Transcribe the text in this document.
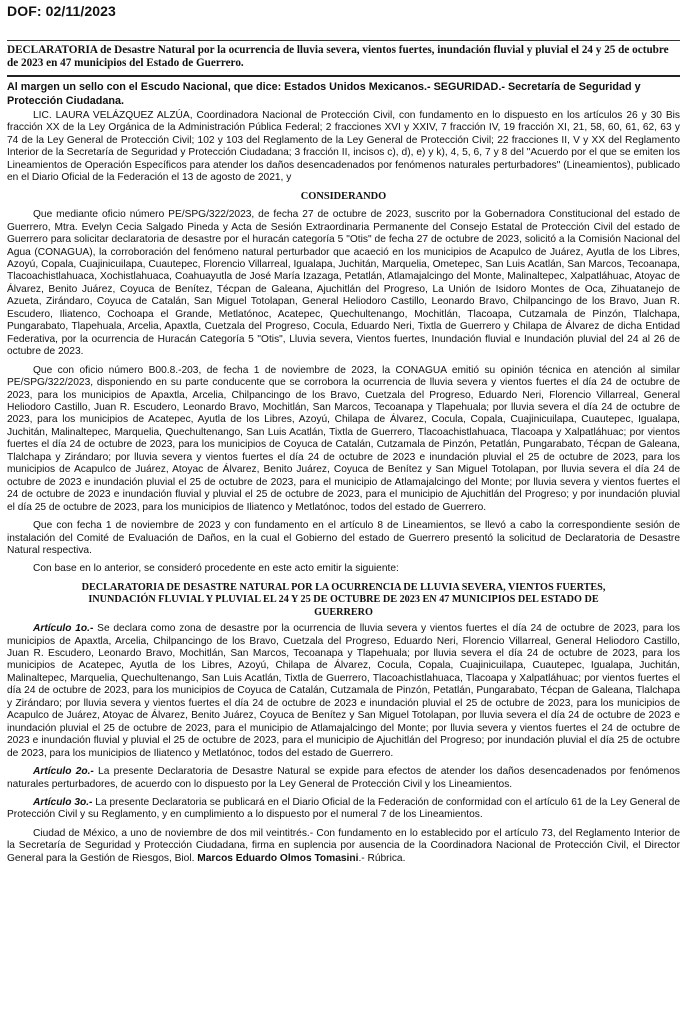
DOF: 02/11/2023
DECLARATORIA de Desastre Natural por la ocurrencia de lluvia severa, vientos fuertes, inundación fluvial y pluvial el 24 y 25 de octubre de 2023 en 47 municipios del Estado de Guerrero.
Al margen un sello con el Escudo Nacional, que dice: Estados Unidos Mexicanos.- SEGURIDAD.- Secretaría de Seguridad y Protección Ciudadana.

LIC. LAURA VELÁZQUEZ ALZÚA, Coordinadora Nacional de Protección Civil, con fundamento en lo dispuesto en los artículos 26 y 30 Bis fracción XX de la Ley Orgánica de la Administración Pública Federal; 2 fracciones XVI y XXIV, 7 fracción IV, 19 fracción XI, 21, 58, 60, 61, 62, 63 y 74 de la Ley General de Protección Civil; 102 y 103 del Reglamento de la Ley General de Protección Civil; 22 fracciones II, V y XX del Reglamento Interior de la Secretaría de Seguridad y Protección Ciudadana; 3 fracción II, incisos c), d), e) y k), 4, 5, 6, 7 y 8 del "Acuerdo por el que se emiten los Lineamientos de Operación Específicos para atender los daños desencadenados por fenómenos naturales perturbadores" (Lineamientos), publicado en el Diario Oficial de la Federación el 13 de agosto de 2021, y

CONSIDERANDO

Que mediante oficio número PE/SPG/322/2023, de fecha 27 de octubre de 2023, suscrito por la Gobernadora Constitucional del estado de Guerrero, Mtra. Evelyn Cecia Salgado Pineda y Acta de Sesión Extraordinaria Permanente del Consejo Estatal de Protección Civil del estado de Guerrero para solicitar declaratoria de desastre por el huracán categoría 5 "Otis" de fecha 27 de octubre de 2023, solicitó a la Comisión Nacional del Agua (CONAGUA), la corroboración del fenómeno natural perturbador que acaeció en los municipios de Acapulco de Juárez, Ayutla de los Libres, Azoyú, Copala, Cuajinicuilapa, Cuautepec, Florencio Villarreal, Igualapa, Juchitán, Marquelia, Ometepec, San Luis Acatlán, San Marcos, Tecoanapa, Tlacoachistlahuaca, Xochistlahuaca, Coahuayutla de José María Izazaga, Petatlán, Atlamajalcingo del Monte, Malinaltepec, Xalpatláhuac, Atoyac de Álvarez, Benito Juárez, Coyuca de Benítez, Técpan de Galeana, Ajuchitlán del Progreso, La Unión de Isidoro Montes de Oca, Zihuatanejo de Azueta, Zirándaro, Coyuca de Catalán, San Miguel Totolapan, General Heliodoro Castillo, Leonardo Bravo, Chilpancingo de los Bravo, Juan R. Escudero, Iliatenco, Cochoapa el Grande, Metlatónoc, Acatepec, Quechultenango, Mochitlán, Tlacoapa, Cutzamala de Pinzón, Tlalchapa, Pungarabato, Tlapehuala, Arcelia, Apaxtla, Cuetzala del Progreso, Cocula, Eduardo Neri, Tixtla de Guerrero y Chilapa de Álvarez de dicha Entidad Federativa, por la ocurrencia de Huracán Categoría 5 "Otis", Lluvia severa, Vientos fuertes, Inundación fluvial e Inundación pluvial del 24 al 26 de octubre de 2023.

Que con oficio número B00.8.-203, de fecha 1 de noviembre de 2023, la CONAGUA emitió su opinión técnica en atención al similar PE/SPG/322/2023, disponiendo en su parte conducente que se corrobora la ocurrencia de lluvia severa y vientos fuertes el día 24 de octubre de 2023, para los municipios de Apaxtla, Arcelia, Chilpancingo de los Bravo, Cuetzala del Progreso, Eduardo Neri, Florencio Villarreal, General Heliodoro Castillo, Juan R. Escudero, Leonardo Bravo, Mochitlán, San Marcos, Tecoanapa y Tlapehuala; por lluvia severa el día 24 de octubre de 2023, para los municipios de Acatepec, Ayutla de los Libres, Azoyú, Chilapa de Álvarez, Cocula, Copala, Cuajinicuilapa, Cuautepec, Igualapa, Juchitán, Malinaltepec, Marquelia, Quechultenango, San Luis Acatlán, Tixtla de Guerrero, Tlacoachistlahuaca, Tlacoapa y Xalpatláhuac; por vientos fuertes el día 24 de octubre de 2023, para los municipios de Coyuca de Catalán, Cutzamala de Pinzón, Petatlán, Pungarabato, Técpan de Galeana, Tlalchapa y Zirándaro; por lluvia severa y vientos fuertes el día 24 de octubre de 2023 e inundación pluvial el 25 de octubre de 2023, para los municipios de Acapulco de Juárez, Atoyac de Álvarez, Benito Juárez, Coyuca de Benítez y San Miguel Totolapan, por lluvia severa el día 24 de octubre de 2023 e inundación pluvial el 25 de octubre de 2023, para el municipio de Atlamajalcingo del Monte; por lluvia severa y vientos fuertes el 24 de octubre de 2023 e inundación fluvial y pluvial el 25 de octubre de 2023, para el municipio de Ajuchitlán del Progreso; y por inundación pluvial el día 25 de octubre de 2023, para los municipios de Iliatenco y Metlatónoc, todos del estado de Guerrero.

Que con fecha 1 de noviembre de 2023 y con fundamento en el artículo 8 de Lineamientos, se llevó a cabo la correspondiente sesión de instalación del Comité de Evaluación de Daños, en la cual el Gobierno del estado de Guerrero presentó la solicitud de Declaratoria de Desastre Natural respectiva.

Con base en lo anterior, se consideró procedente en este acto emitir la siguiente:

DECLARATORIA DE DESASTRE NATURAL POR LA OCURRENCIA DE LLUVIA SEVERA, VIENTOS FUERTES, INUNDACIÓN FLUVIAL Y PLUVIAL EL 24 Y 25 DE OCTUBRE DE 2023 EN 47 MUNICIPIOS DEL ESTADO DE GUERRERO

Artículo 1o.- Se declara como zona de desastre por la ocurrencia de lluvia severa y vientos fuertes el día 24 de octubre de 2023, para los municipios de Apaxtla, Arcelia, Chilpancingo de los Bravo, Cuetzala del Progreso, Eduardo Neri, Florencio Villarreal, General Heliodoro Castillo, Juan R. Escudero, Leonardo Bravo, Mochitlán, San Marcos, Tecoanapa y Tlapehuala; por lluvia severa el día 24 de octubre de 2023, para los municipios de Acatepec, Ayutla de los Libres, Azoyú, Chilapa de Álvarez, Cocula, Copala, Cuajinicuilapa, Cuautepec, Igualapa, Juchitán, Malinaltepec, Marquelia, Quechultenango, San Luis Acatlán, Tixtla de Guerrero, Tlacoachistlahuaca, Tlacoapa y Xalpatláhuac; por vientos fuertes el día 24 de octubre de 2023, para los municipios de Coyuca de Catalán, Cutzamala de Pinzón, Petatlán, Pungarabato, Técpan de Galeana, Tlalchapa y Zirándaro; por lluvia severa y vientos fuertes el día 24 de octubre de 2023 e inundación pluvial el 25 de octubre de 2023, para los municipios de Acapulco de Juárez, Atoyac de Álvarez, Benito Juárez, Coyuca de Benítez y San Miguel Totolapan, por lluvia severa el día 24 de octubre de 2023 e inundación pluvial el 25 de octubre de 2023, para el municipio de Atlamajalcingo del Monte; por lluvia severa y vientos fuertes el 24 de octubre de 2023 e inundación fluvial y pluvial el 25 de octubre de 2023, para el municipio de Ajuchitlán del Progreso; por inundación pluvial el día 25 de octubre de 2023, para los municipios de Iliatenco y Metlatónoc, todos del estado de Guerrero.

Artículo 2o.- La presente Declaratoria de Desastre Natural se expide para efectos de atender los daños desencadenados por fenómenos naturales perturbadores, de acuerdo con lo dispuesto por la Ley General de Protección Civil y los Lineamientos.

Artículo 3o.- La presente Declaratoria se publicará en el Diario Oficial de la Federación de conformidad con el artículo 61 de la Ley General de Protección Civil y su Reglamento, y en cumplimiento a lo dispuesto por el numeral 7 de los Lineamientos.

Ciudad de México, a uno de noviembre de dos mil veintitrés.- Con fundamento en lo establecido por el artículo 73, del Reglamento Interior de la Secretaría de Seguridad y Protección Ciudadana, firma en suplencia por ausencia de la Coordinadora Nacional de Protección Civil, el Director General para la Gestión de Riesgos, Biol. Marcos Eduardo Olmos Tomasini.- Rúbrica.
